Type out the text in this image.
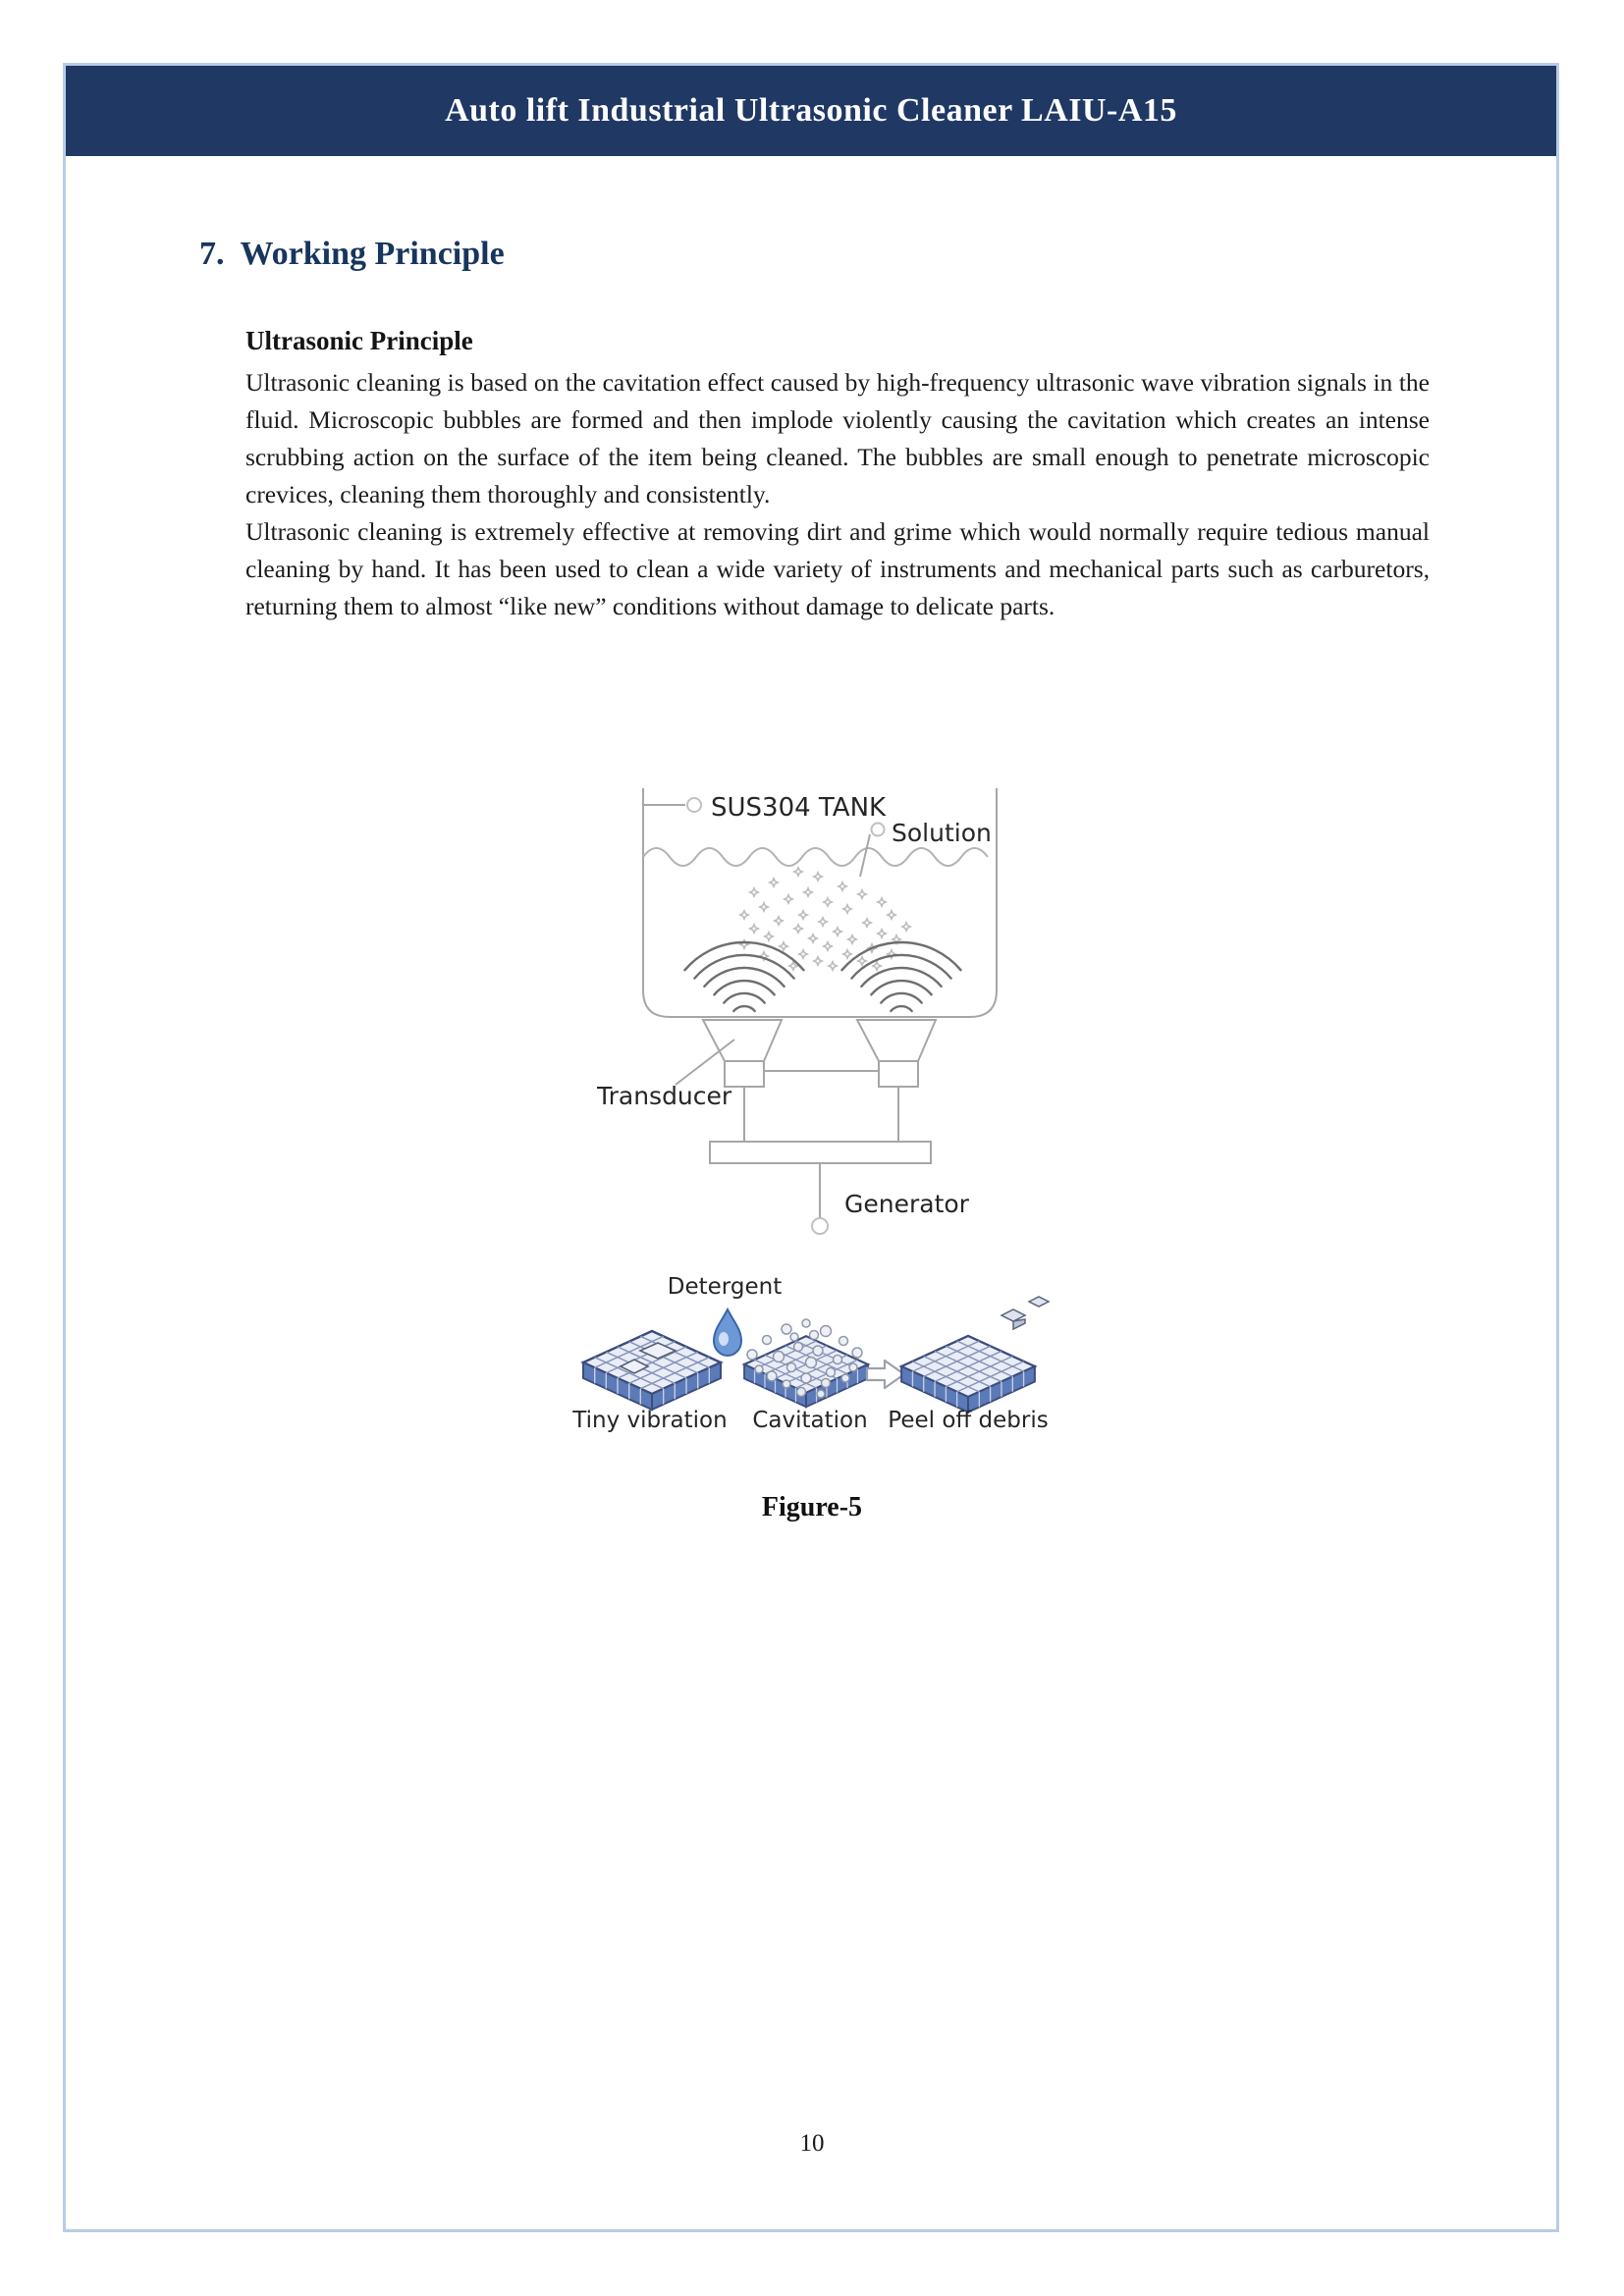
Auto lift Industrial Ultrasonic Cleaner LAIU-A15
7. Working Principle
Ultrasonic Principle

Ultrasonic cleaning is based on the cavitation effect caused by high-frequency ultrasonic wave vibration signals in the fluid. Microscopic bubbles are formed and then implode violently causing the cavitation which creates an intense scrubbing action on the surface of the item being cleaned. The bubbles are small enough to penetrate microscopic crevices, cleaning them thoroughly and consistently.

Ultrasonic cleaning is extremely effective at removing dirt and grime which would normally require tedious manual cleaning by hand. It has been used to clean a wide variety of instruments and mechanical parts such as carburetors, returning them to almost “like new” conditions without damage to delicate parts.

SUS304 TANK
Solution
Transducer
Generator
Detergent
Tiny vibration Cavitation Peel off debris
Figure-5
10
